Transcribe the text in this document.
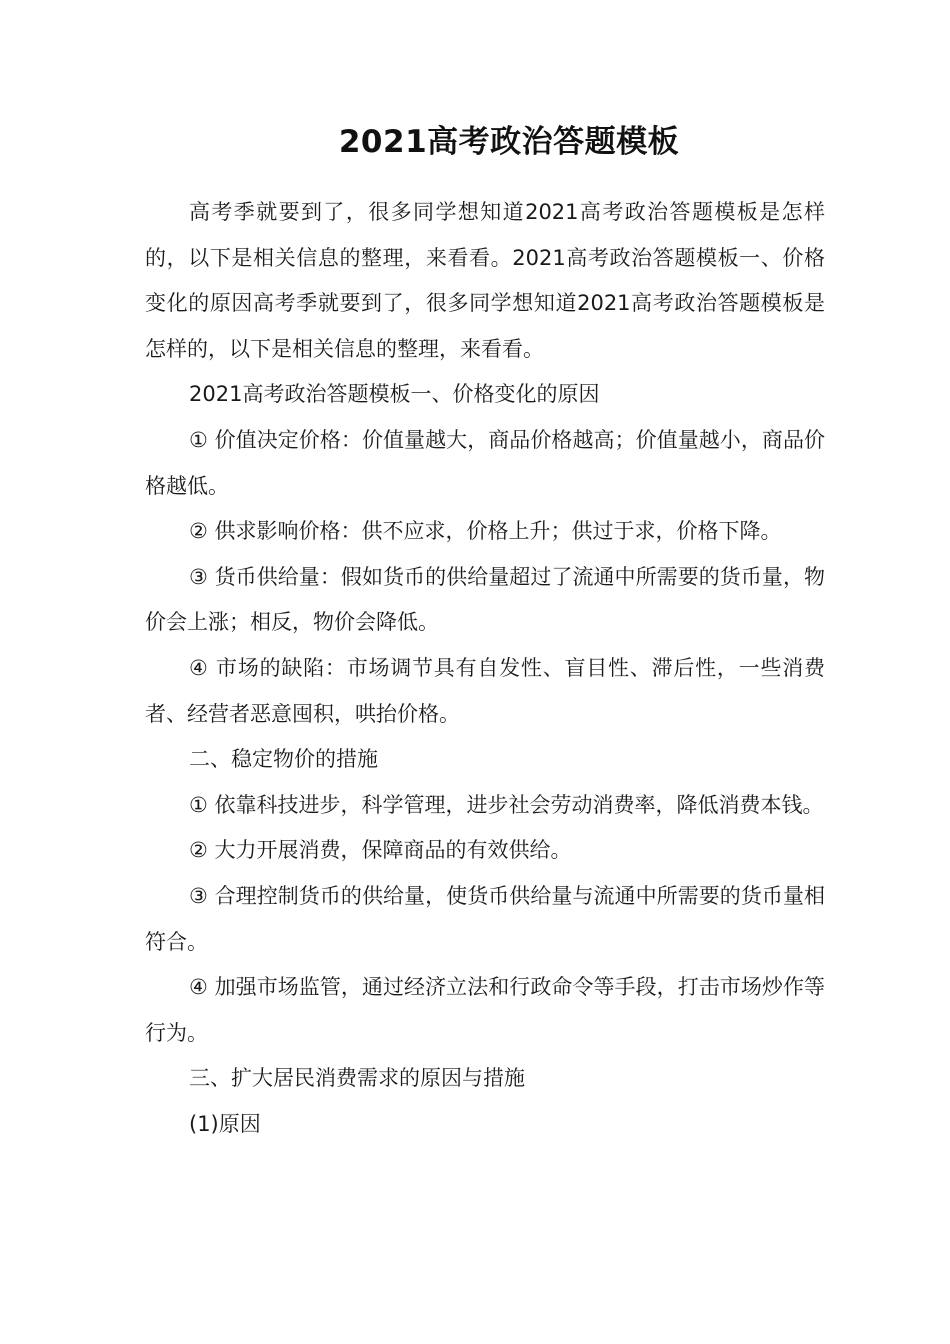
2021高考政治答题模板

高考季就要到了，很多同学想知道2021高考政治答题模板是怎样的，以下是相关信息的整理，来看看。2021高考政治答题模板一、价格变化的原因高考季就要到了，很多同学想知道2021高考政治答题模板是怎样的，以下是相关信息的整理，来看看。

2021高考政治答题模板一、价格变化的原因

① 价值决定价格：价值量越大，商品价格越高；价值量越小，商品价格越低。

② 供求影响价格：供不应求，价格上升；供过于求，价格下降。

③ 货币供给量：假如货币的供给量超过了流通中所需要的货币量，物价会上涨；相反，物价会降低。

④ 市场的缺陷：市场调节具有自发性、盲目性、滞后性，一些消费者、经营者恶意囤积，哄抬价格。

二、稳定物价的措施

① 依靠科技进步，科学管理，进步社会劳动消费率，降低消费本钱。

② 大力开展消费，保障商品的有效供给。

③ 合理控制货币的供给量，使货币供给量与流通中所需要的货币量相符合。

④ 加强市场监管，通过经济立法和行政命令等手段，打击市场炒作等行为。

三、扩大居民消费需求的原因与措施

(1)原因
